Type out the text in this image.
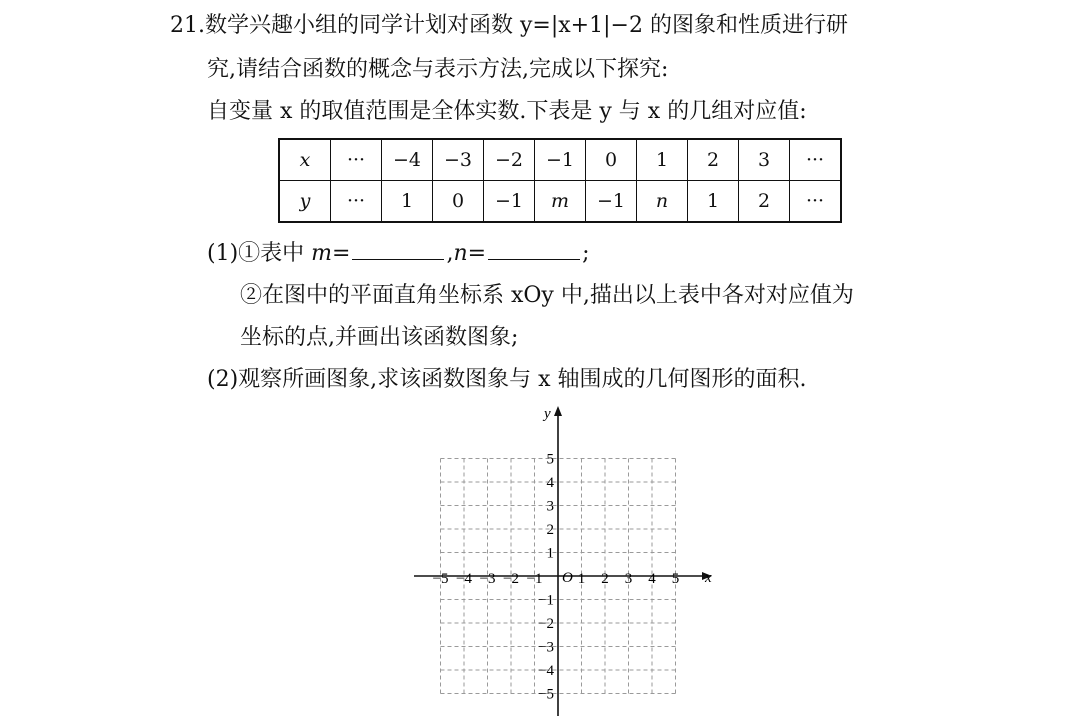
21.数学兴趣小组的同学计划对函数 y=|x+1|−2 的图象和性质进行研
究,请结合函数的概念与表示方法,完成以下探究:
自变量 x 的取值范围是全体实数.下表是 y 与 x 的几组对应值:
x	···	−4	−3	−2	−1	0	1	2	3	···
y	···	1	0	−1	m	−1	n	1	2	···
(1)①表中 m=	,n=	;
②在图中的平面直角坐标系 xOy 中,描出以上表中各对对应值为
坐标的点,并画出该函数图象;
(2)观察所画图象,求该函数图象与 x 轴围成的几何图形的面积.
x
y
O
−5 −4 −3 −2 −1 1 2 3 4 5
5
4
3
2
1
−1
−2
−3
−4
−5
